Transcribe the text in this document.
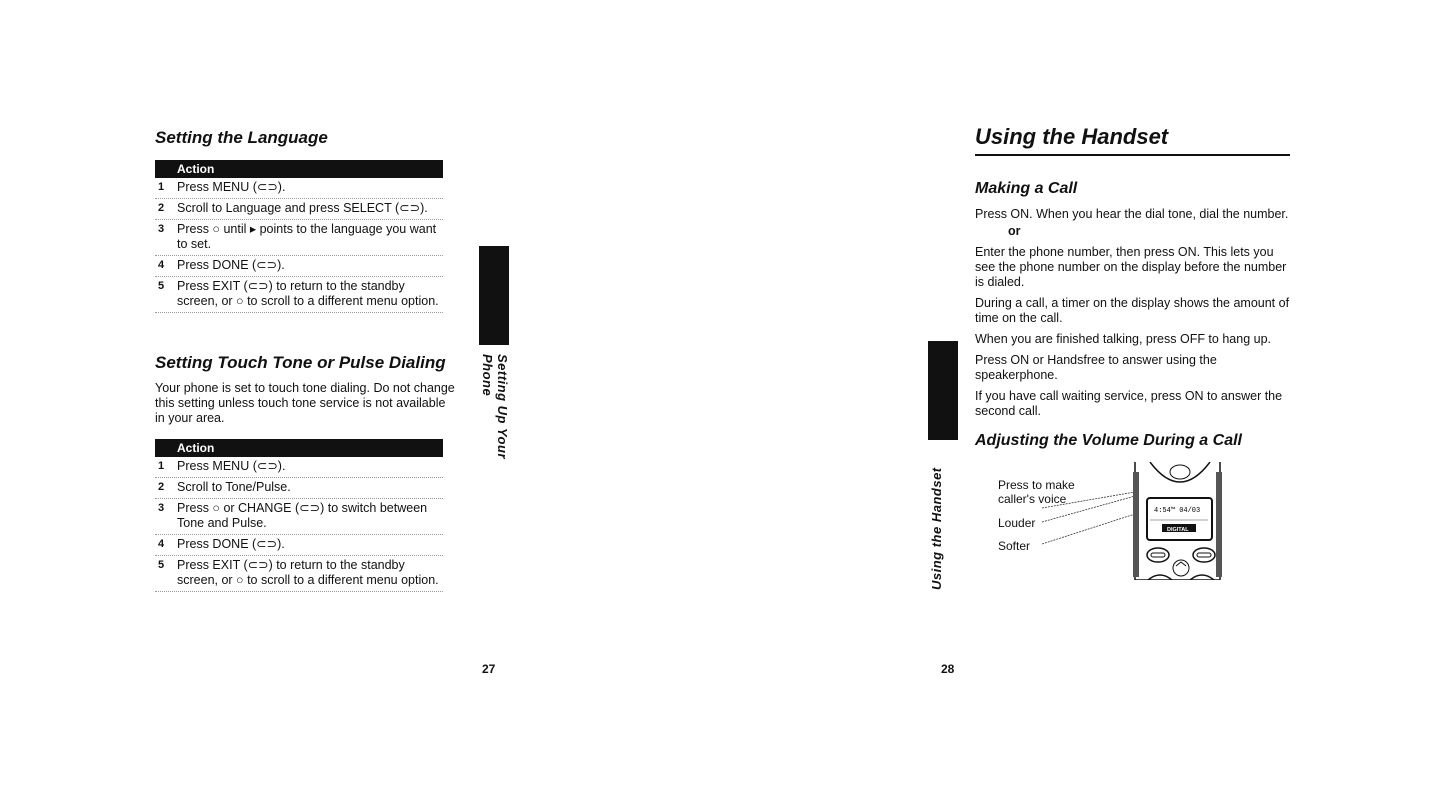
Setting the Language
Action
1 Press MENU (⊂⊃).
2 Scroll to Language and press SELECT (⊂⊃).
3 Press ○ until ▸ points to the language you want to set.
4 Press DONE (⊂⊃).
5 Press EXIT (⊂⊃) to return to the standby screen, or ○ to scroll to a different menu option.
Setting Touch Tone or Pulse Dialing

Your phone is set to touch tone dialing. Do not change this setting unless touch tone service is not available in your area.

Action
1 Press MENU (⊂⊃).
2 Scroll to Tone/Pulse.
3 Press ○ or CHANGE (⊂⊃) to switch between Tone and Pulse.
4 Press DONE (⊂⊃).
5 Press EXIT (⊂⊃) to return to the standby screen, or ○ to scroll to a different menu option.
Setting Up Your Phone
27
Using the Handset
Making a Call

Press ON. When you hear the dial tone, dial the number.

or

Enter the phone number, then press ON. This lets you see the phone number on the display before the number is dialed.

During a call, a timer on the display shows the amount of time on the call.

When you are finished talking, press OFF to hang up.

Press ON or Handsfree to answer using the speakerphone.

If you have call waiting service, press ON to answer the second call.

Adjusting the Volume During a Call
Press to make caller's voice
Louder
Softer
4:54™ 04/03
DIGITAL
Using the Handset
28
